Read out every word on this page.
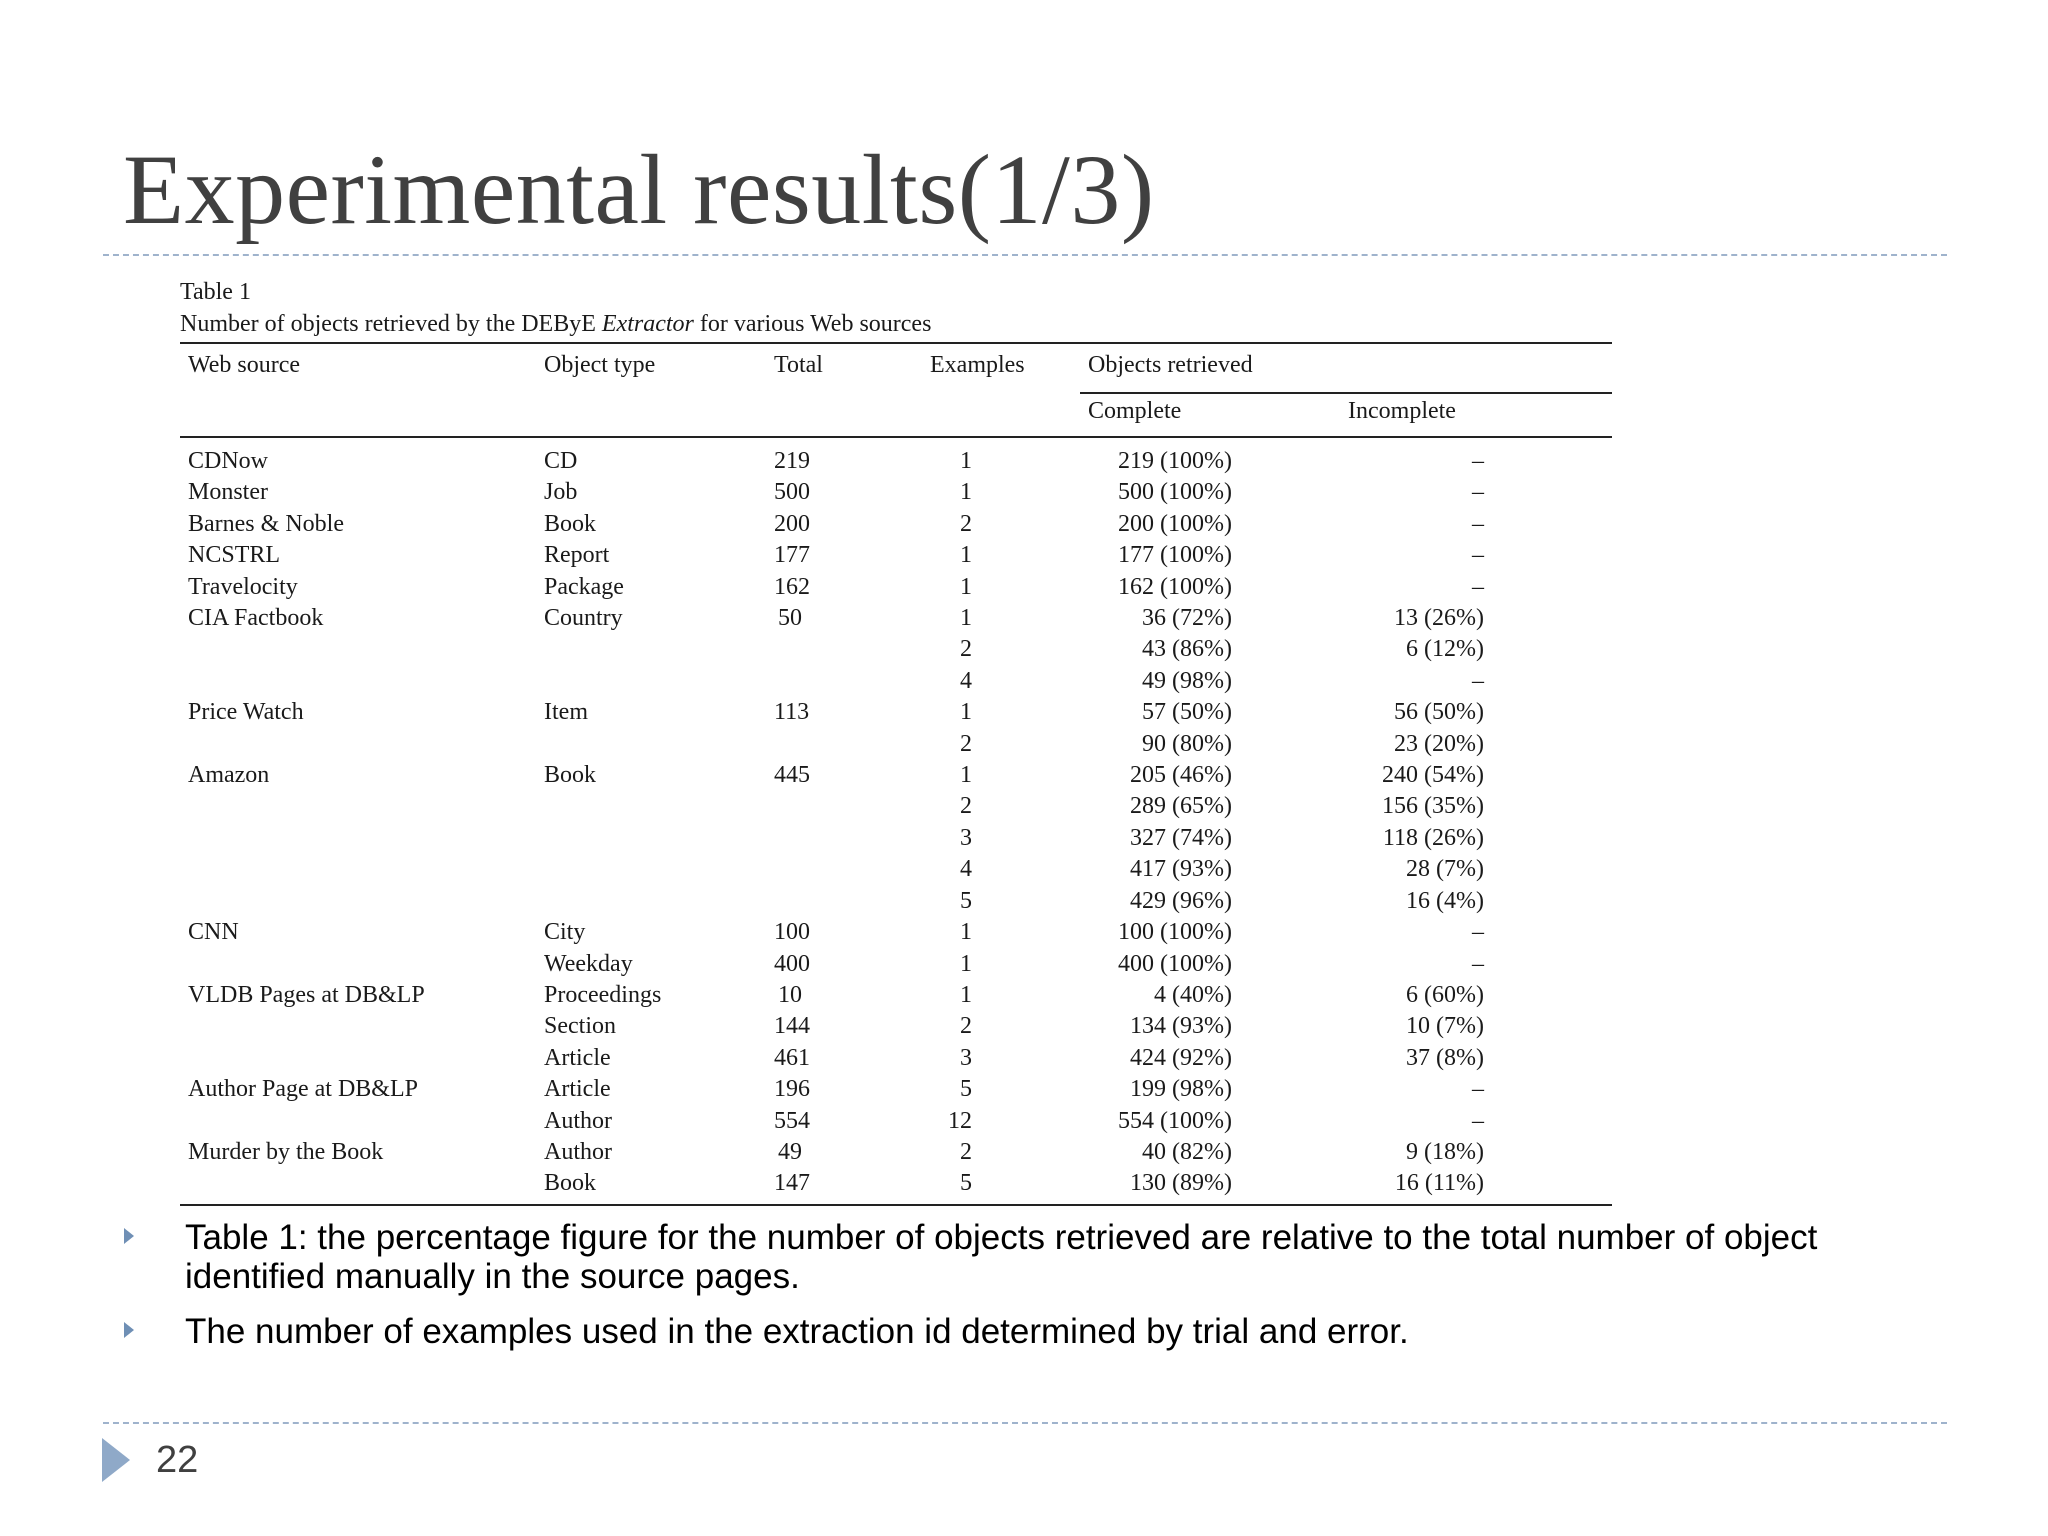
Experimental results(1/3)
Table 1
Number of objects retrieved by the DEByE Extractor for various Web sources
Web source	Object type	Total	Examples	Objects retrieved	
				Complete	Incomplete
CDNow	CD	219	1	219 (100%)	–
Monster	Job	500	1	500 (100%)	–
Barnes & Noble	Book	200	2	200 (100%)	–
NCSTRL	Report	177	1	177 (100%)	–
Travelocity	Package	162	1	162 (100%)	–
CIA Factbook	Country	50	1	36 (72%)	13 (26%)
			2	43 (86%)	6 (12%)
			4	49 (98%)	–
Price Watch	Item	113	1	57 (50%)	56 (50%)
			2	90 (80%)	23 (20%)
Amazon	Book	445	1	205 (46%)	240 (54%)
			2	289 (65%)	156 (35%)
			3	327 (74%)	118 (26%)
			4	417 (93%)	28 (7%)
			5	429 (96%)	16 (4%)
CNN	City	100	1	100 (100%)	–
	Weekday	400	1	400 (100%)	–
VLDB Pages at DB&LP	Proceedings	10	1	4 (40%)	6 (60%)
	Section	144	2	134 (93%)	10 (7%)
	Article	461	3	424 (92%)	37 (8%)
Author Page at DB&LP	Article	196	5	199 (98%)	–
	Author	554	12	554 (100%)	–
Murder by the Book	Author	49	2	40 (82%)	9 (18%)
	Book	147	5	130 (89%)	16 (11%)
Table 1: the percentage figure for the number of objects retrieved are relative to the total number of object identified manually in the source pages.
The number of examples used in the extraction id determined by trial and error.
22
